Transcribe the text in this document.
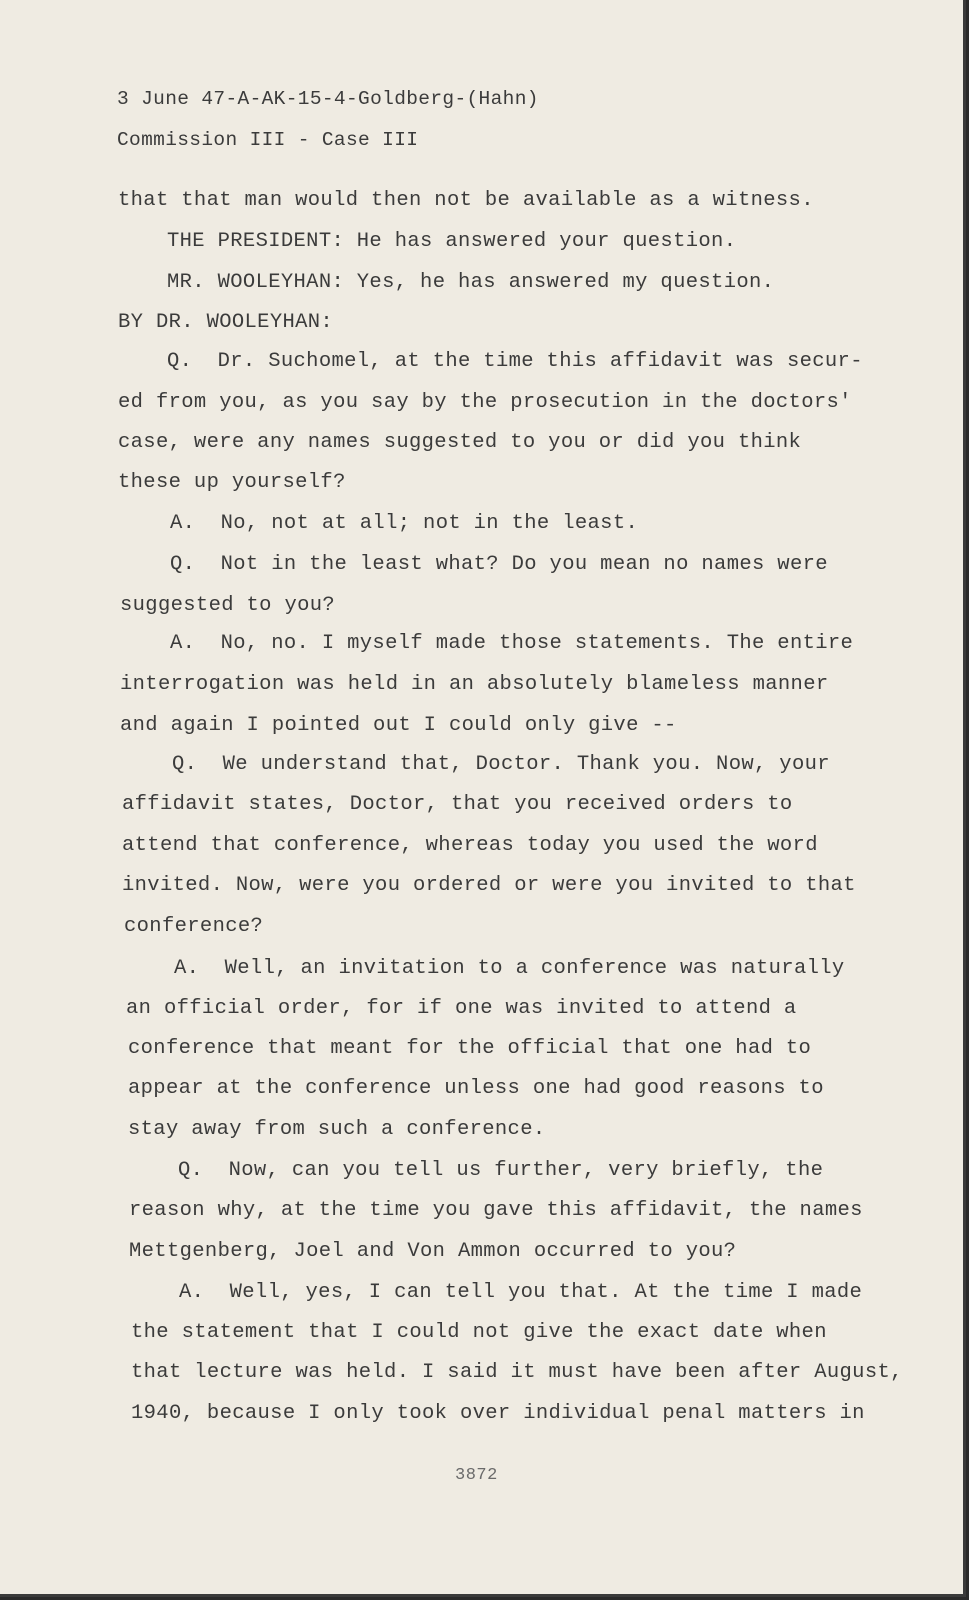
3 June 47-A-AK-15-4-Goldberg-(Hahn)

Commission III - Case III

that that man would then not be available as a witness.

THE PRESIDENT: He has answered your question.

MR. WOOLEYHAN: Yes, he has answered my question.

BY DR. WOOLEYHAN:

Q.  Dr. Suchomel, at the time this affidavit was secur-

ed from you, as you say by the prosecution in the doctors'

case, were any names suggested to you or did you think

these up yourself?

A.  No, not at all; not in the least.

Q.  Not in the least what? Do you mean no names were

suggested to you?

A.  No, no. I myself made those statements. The entire

interrogation was held in an absolutely blameless manner

and again I pointed out I could only give --

Q.  We understand that, Doctor. Thank you. Now, your

affidavit states, Doctor, that you received orders to

attend that conference, whereas today you used the word

invited. Now, were you ordered or were you invited to that

conference?

A.  Well, an invitation to a conference was naturally

an official order, for if one was invited to attend a

conference that meant for the official that one had to

appear at the conference unless one had good reasons to

stay away from such a conference.

Q.  Now, can you tell us further, very briefly, the

reason why, at the time you gave this affidavit, the names

Mettgenberg, Joel and Von Ammon occurred to you?

A.  Well, yes, I can tell you that. At the time I made

the statement that I could not give the exact date when

that lecture was held. I said it must have been after August,

1940, because I only took over individual penal matters in

3872
